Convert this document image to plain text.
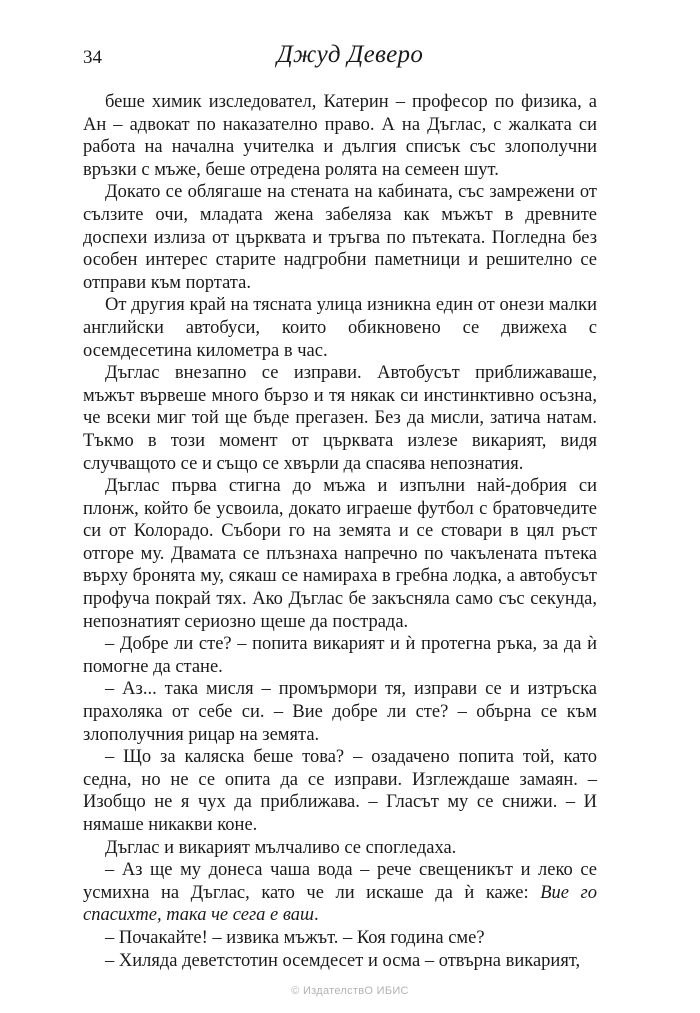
34	Джуд Деверо

беше химик изследовател, Катерин – професор по физика, а Ан – адвокат по наказателно право. А на Дъглас, с жалката си работа на начална учителка и дългия списък със злополучни връзки с мъже, беше отредена ролята на семеен шут.

Докато се облягаше на стената на кабината, със замрежени от сълзите очи, младата жена забеляза как мъжът в древните доспехи излиза от църквата и тръгва по пътеката. Погледна без особен интерес старите надгробни паметници и решително се отправи към портата.

От другия край на тясната улица изникна един от онези малки английски автобуси, които обикновено се движеха с осемдесетина километра в час.

Дъглас внезапно се изправи. Автобусът приближаваше, мъжът вървеше много бързо и тя някак си инстинктивно осъзна, че всеки миг той ще бъде прегазен. Без да мисли, затича натам. Тъкмо в този момент от църквата излезе викарият, видя случващото се и също се хвърли да спасява непознатия.

Дъглас първа стигна до мъжа и изпълни най-добрия си плонж, който бе усвоила, докато играеше футбол с братовчедите си от Колорадо. Събори го на земята и се стовари в цял ръст отгоре му. Двамата се плъзнаха напречно по чакълената пътека върху бронята му, сякаш се намираха в гребна лодка, а автобусът профуча покрай тях. Ако Дъглас бе закъсняла само със секунда, непознатият сериозно щеше да пострада.

– Добре ли сте? – попита викарият и ѝ протегна ръка, за да ѝ помогне да стане.

– Аз... така мисля – промърмори тя, изправи се и изтръска прахоляка от себе си. – Вие добре ли сте? – обърна се към злополучния рицар на земята.

– Що за каляска беше това? – озадачено попита той, като седна, но не се опита да се изправи. Изглеждаше замаян. – Изобщо не я чух да приближава. – Гласът му се снижи. – И нямаше никакви коне.

Дъглас и викарият мълчаливо се спогледаха.

– Аз ще му донеса чаша вода – рече свещеникът и леко се усмихна на Дъглас, като че ли искаше да ѝ каже: Вие го спасихте, така че сега е ваш.

– Почакайте! – извика мъжът. – Коя година сме?

– Хиляда деветстотин осемдесет и осма – отвърна викарият,

© ИздателствО ИБИС
